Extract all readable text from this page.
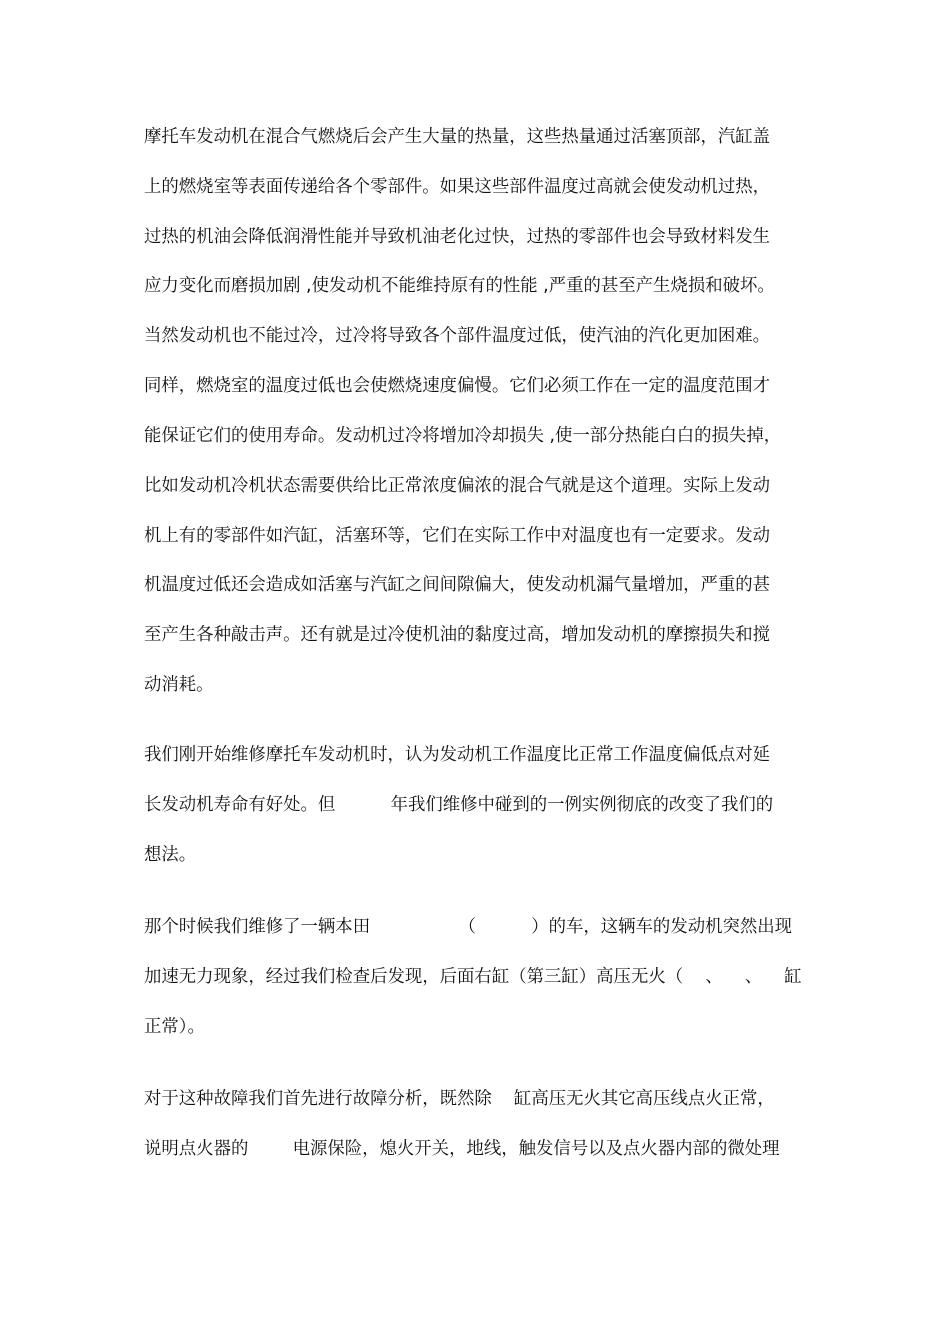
摩托车发动机在混合气燃烧后会产生大量的热量，这些热量通过活塞顶部，汽缸盖
上的燃烧室等表面传递给各个零部件。如果这些部件温度过高就会使发动机过热，
过热的机油会降低润滑性能并导致机油老化过快，过热的零部件也会导致材料发生
应力变化而磨损加剧 ,使发动机不能维持原有的性能 ,严重的甚至产生烧损和破坏。
当然发动机也不能过冷，过冷将导致各个部件温度过低，使汽油的汽化更加困难。
同样，燃烧室的温度过低也会使燃烧速度偏慢。它们必须工作在一定的温度范围才
能保证它们的使用寿命。发动机过冷将增加冷却损失 ,使一部分热能白白的损失掉，
比如发动机冷机状态需要供给比正常浓度偏浓的混合气就是这个道理。实际上发动
机上有的零部件如汽缸，活塞环等，它们在实际工作中对温度也有一定要求。发动
机温度过低还会造成如活塞与汽缸之间间隙偏大，使发动机漏气量增加，严重的甚
至产生各种敲击声。还有就是过冷使机油的黏度过高，增加发动机的摩擦损失和搅
动消耗。
我们刚开始维修摩托车发动机时，认为发动机工作温度比正常工作温度偏低点对延
长发动机寿命有好处。但          年我们维修中碰到的一例实例彻底的改变了我们的
想法。
那个时候我们维修了一辆本田                （          ）的车，这辆车的发动机突然出现
加速无力现象，经过我们检查后发现，后面右缸（第三缸）高压无火（    、    、    缸
正常）。
对于这种故障我们首先进行故障分析，既然除    缸高压无火其它高压线点火正常，
说明点火器的        电源保险，熄火开关，地线，触发信号以及点火器内部的微处理
